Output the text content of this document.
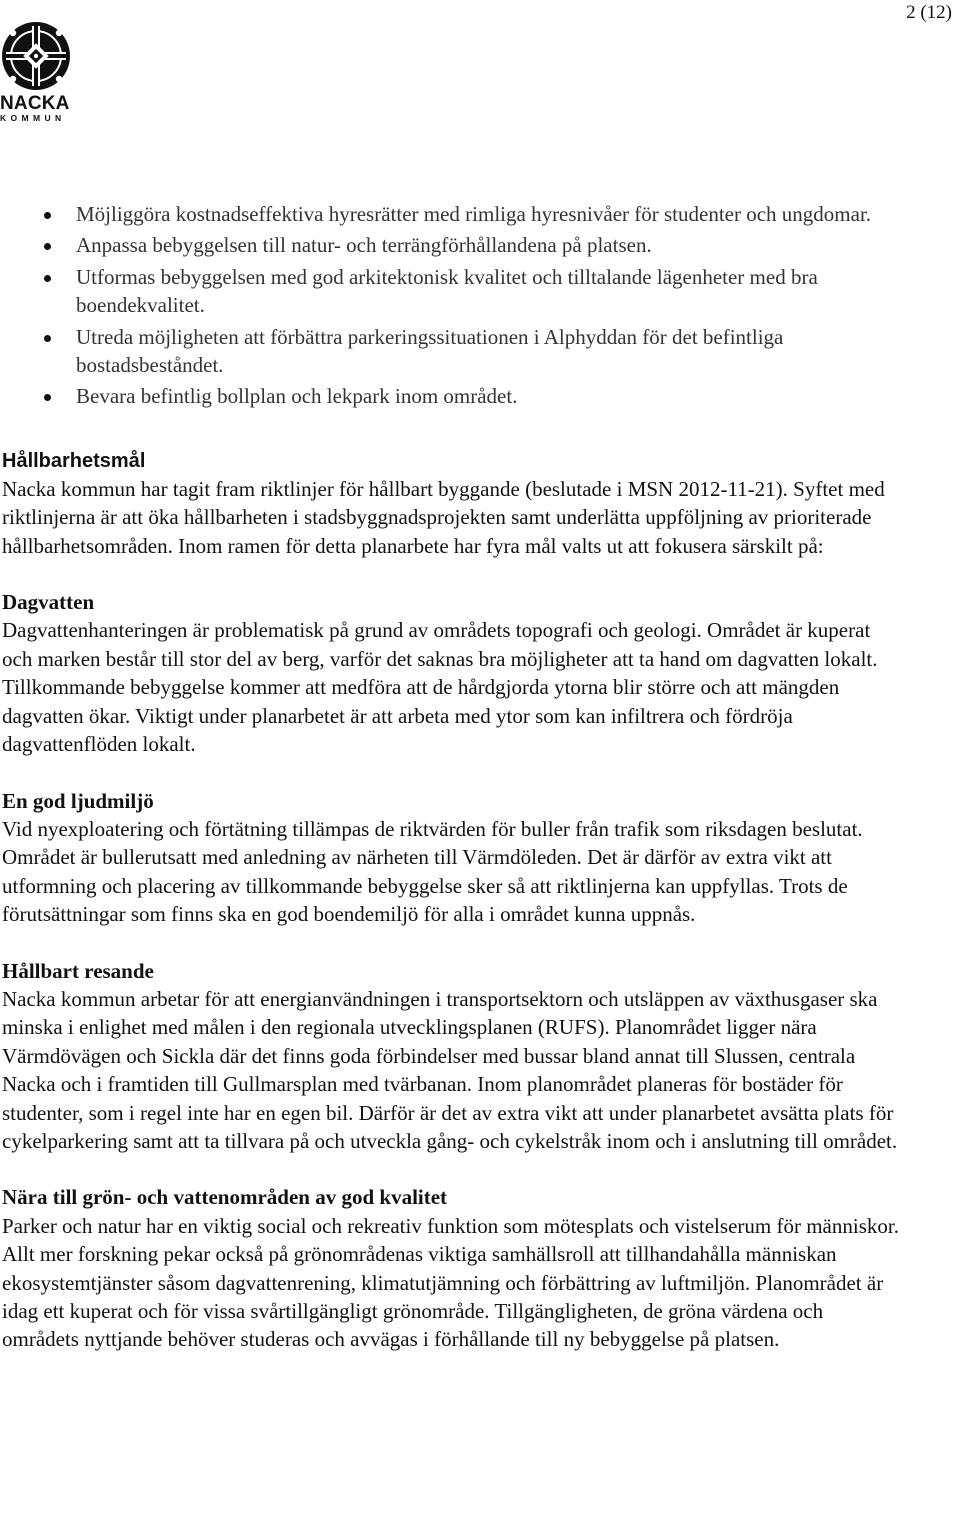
2 (12)
NACKA
KOMMUN
Möjliggöra kostnadseffektiva hyresrätter med rimliga hyresnivåer för studenter och ungdomar.
Anpassa bebyggelsen till natur- och terrängförhållandena på platsen.
Utformas bebyggelsen med god arkitektonisk kvalitet och tilltalande lägenheter med bra boendekvalitet.
Utreda möjligheten att förbättra parkeringssituationen i Alphyddan för det befintliga bostadsbeståndet.
Bevara befintlig bollplan och lekpark inom området.
Hållbarhetsmål

Nacka kommun har tagit fram riktlinjer för hållbart byggande (beslutade i MSN 2012-11-21). Syftet med riktlinjerna är att öka hållbarheten i stadsbyggnadsprojekten samt underlätta uppföljning av prioriterade hållbarhetsområden. Inom ramen för detta planarbete har fyra mål valts ut att fokusera särskilt på:

Dagvatten

Dagvattenhanteringen är problematisk på grund av områdets topografi och geologi. Området är kuperat och marken består till stor del av berg, varför det saknas bra möjligheter att ta hand om dagvatten lokalt. Tillkommande bebyggelse kommer att medföra att de hårdgjorda ytorna blir större och att mängden dagvatten ökar. Viktigt under planarbetet är att arbeta med ytor som kan infiltrera och fördröja dagvattenflöden lokalt.

En god ljudmiljö

Vid nyexploatering och förtätning tillämpas de riktvärden för buller från trafik som riksdagen beslutat. Området är bullerutsatt med anledning av närheten till Värmdöleden. Det är därför av extra vikt att utformning och placering av tillkommande bebyggelse sker så att riktlinjerna kan uppfyllas. Trots de förutsättningar som finns ska en god boendemiljö för alla i området kunna uppnås.

Hållbart resande

Nacka kommun arbetar för att energianvändningen i transportsektorn och utsläppen av växthusgaser ska minska i enlighet med målen i den regionala utvecklingsplanen (RUFS). Planområdet ligger nära Värmdövägen och Sickla där det finns goda förbindelser med bussar bland annat till Slussen, centrala Nacka och i framtiden till Gullmarsplan med tvärbanan. Inom planområdet planeras för bostäder för studenter, som i regel inte har en egen bil. Därför är det av extra vikt att under planarbetet avsätta plats för cykelparkering samt att ta tillvara på och utveckla gång- och cykelstråk inom och i anslutning till området.

Nära till grön- och vattenområden av god kvalitet

Parker och natur har en viktig social och rekreativ funktion som mötesplats och vistelserum för människor. Allt mer forskning pekar också på grönområdenas viktiga samhällsroll att tillhandahålla människan ekosystemtjänster såsom dagvattenrening, klimatutjämning och förbättring av luftmiljön. Planområdet är idag ett kuperat och för vissa svårtillgängligt grönområde. Tillgängligheten, de gröna värdena och områdets nyttjande behöver studeras och avvägas i förhållande till ny bebyggelse på platsen.
